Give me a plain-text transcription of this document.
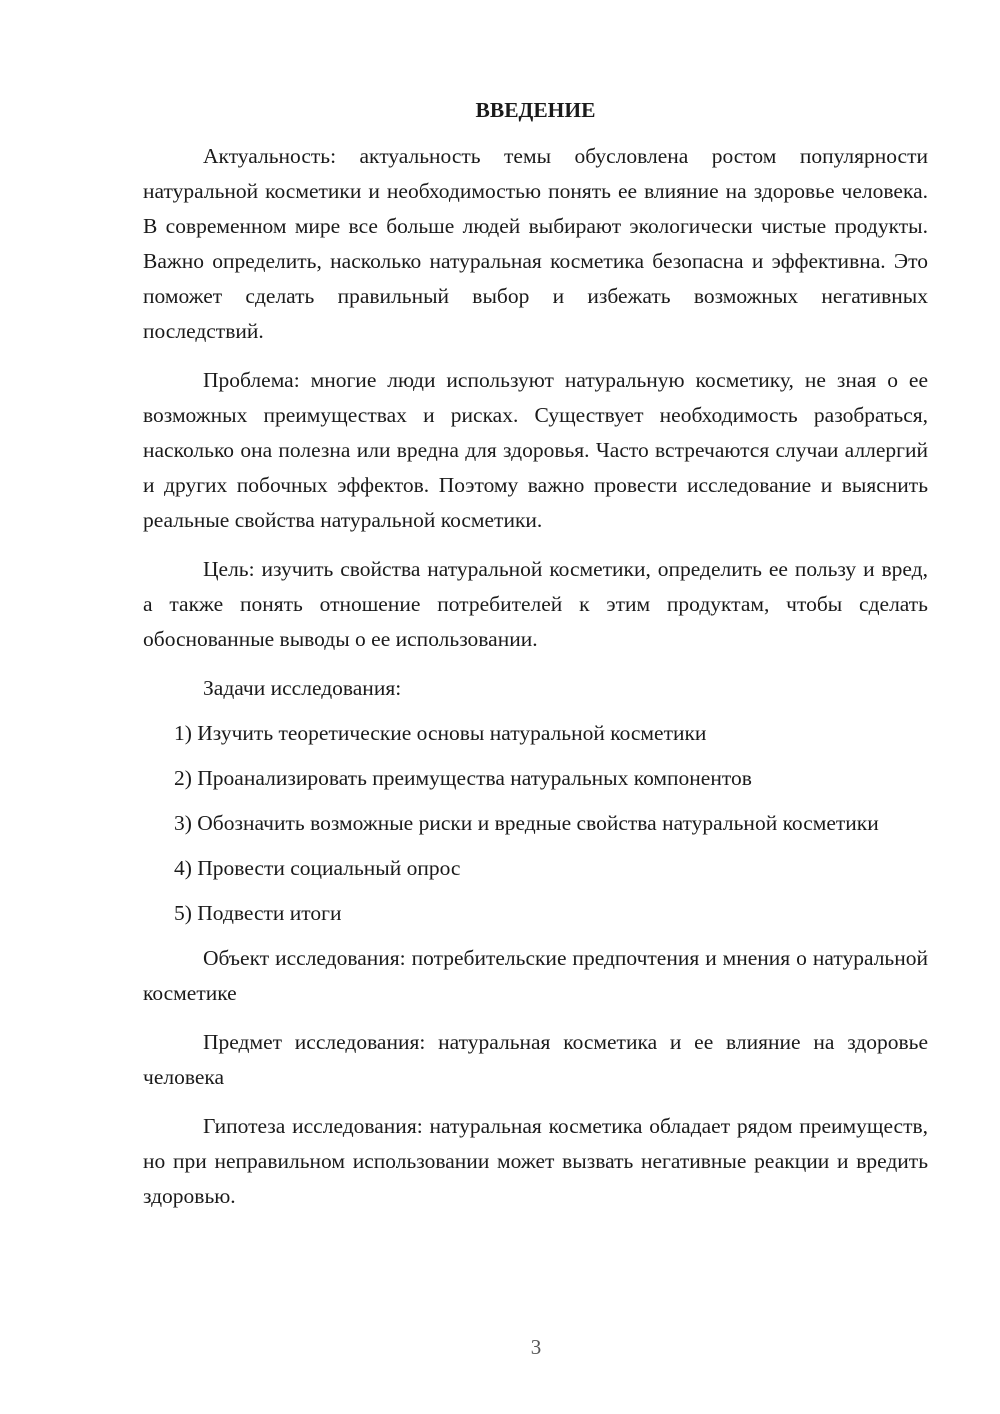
ВВЕДЕНИЕ

Актуальность: актуальность темы обусловлена ростом популярности натуральной косметики и необходимостью понять ее влияние на здоровье человека. В современном мире все больше людей выбирают экологически чистые продукты. Важно определить, насколько натуральная косметика безопасна и эффективна. Это поможет сделать правильный выбор и избежать возможных негативных последствий.

Проблема: многие люди используют натуральную косметику, не зная о ее возможных преимуществах и рисках. Существует необходимость разобраться, насколько она полезна или вредна для здоровья. Часто встречаются случаи аллергий и других побочных эффектов. Поэтому важно провести исследование и выяснить реальные свойства натуральной косметики.

Цель: изучить свойства натуральной косметики, определить ее пользу и вред, а также понять отношение потребителей к этим продуктам, чтобы сделать обоснованные выводы о ее использовании.

Задачи исследования:

1) Изучить теоретические основы натуральной косметики

2) Проанализировать преимущества натуральных компонентов

3) Обозначить возможные риски и вредные свойства натуральной косметики

4) Провести социальный опрос

5) Подвести итоги

Объект исследования: потребительские предпочтения и мнения о натуральной косметике

Предмет исследования: натуральная косметика и ее влияние на здоровье человека

Гипотеза исследования: натуральная косметика обладает рядом преимуществ, но при неправильном использовании может вызвать негативные реакции и вредить здоровью.

3
